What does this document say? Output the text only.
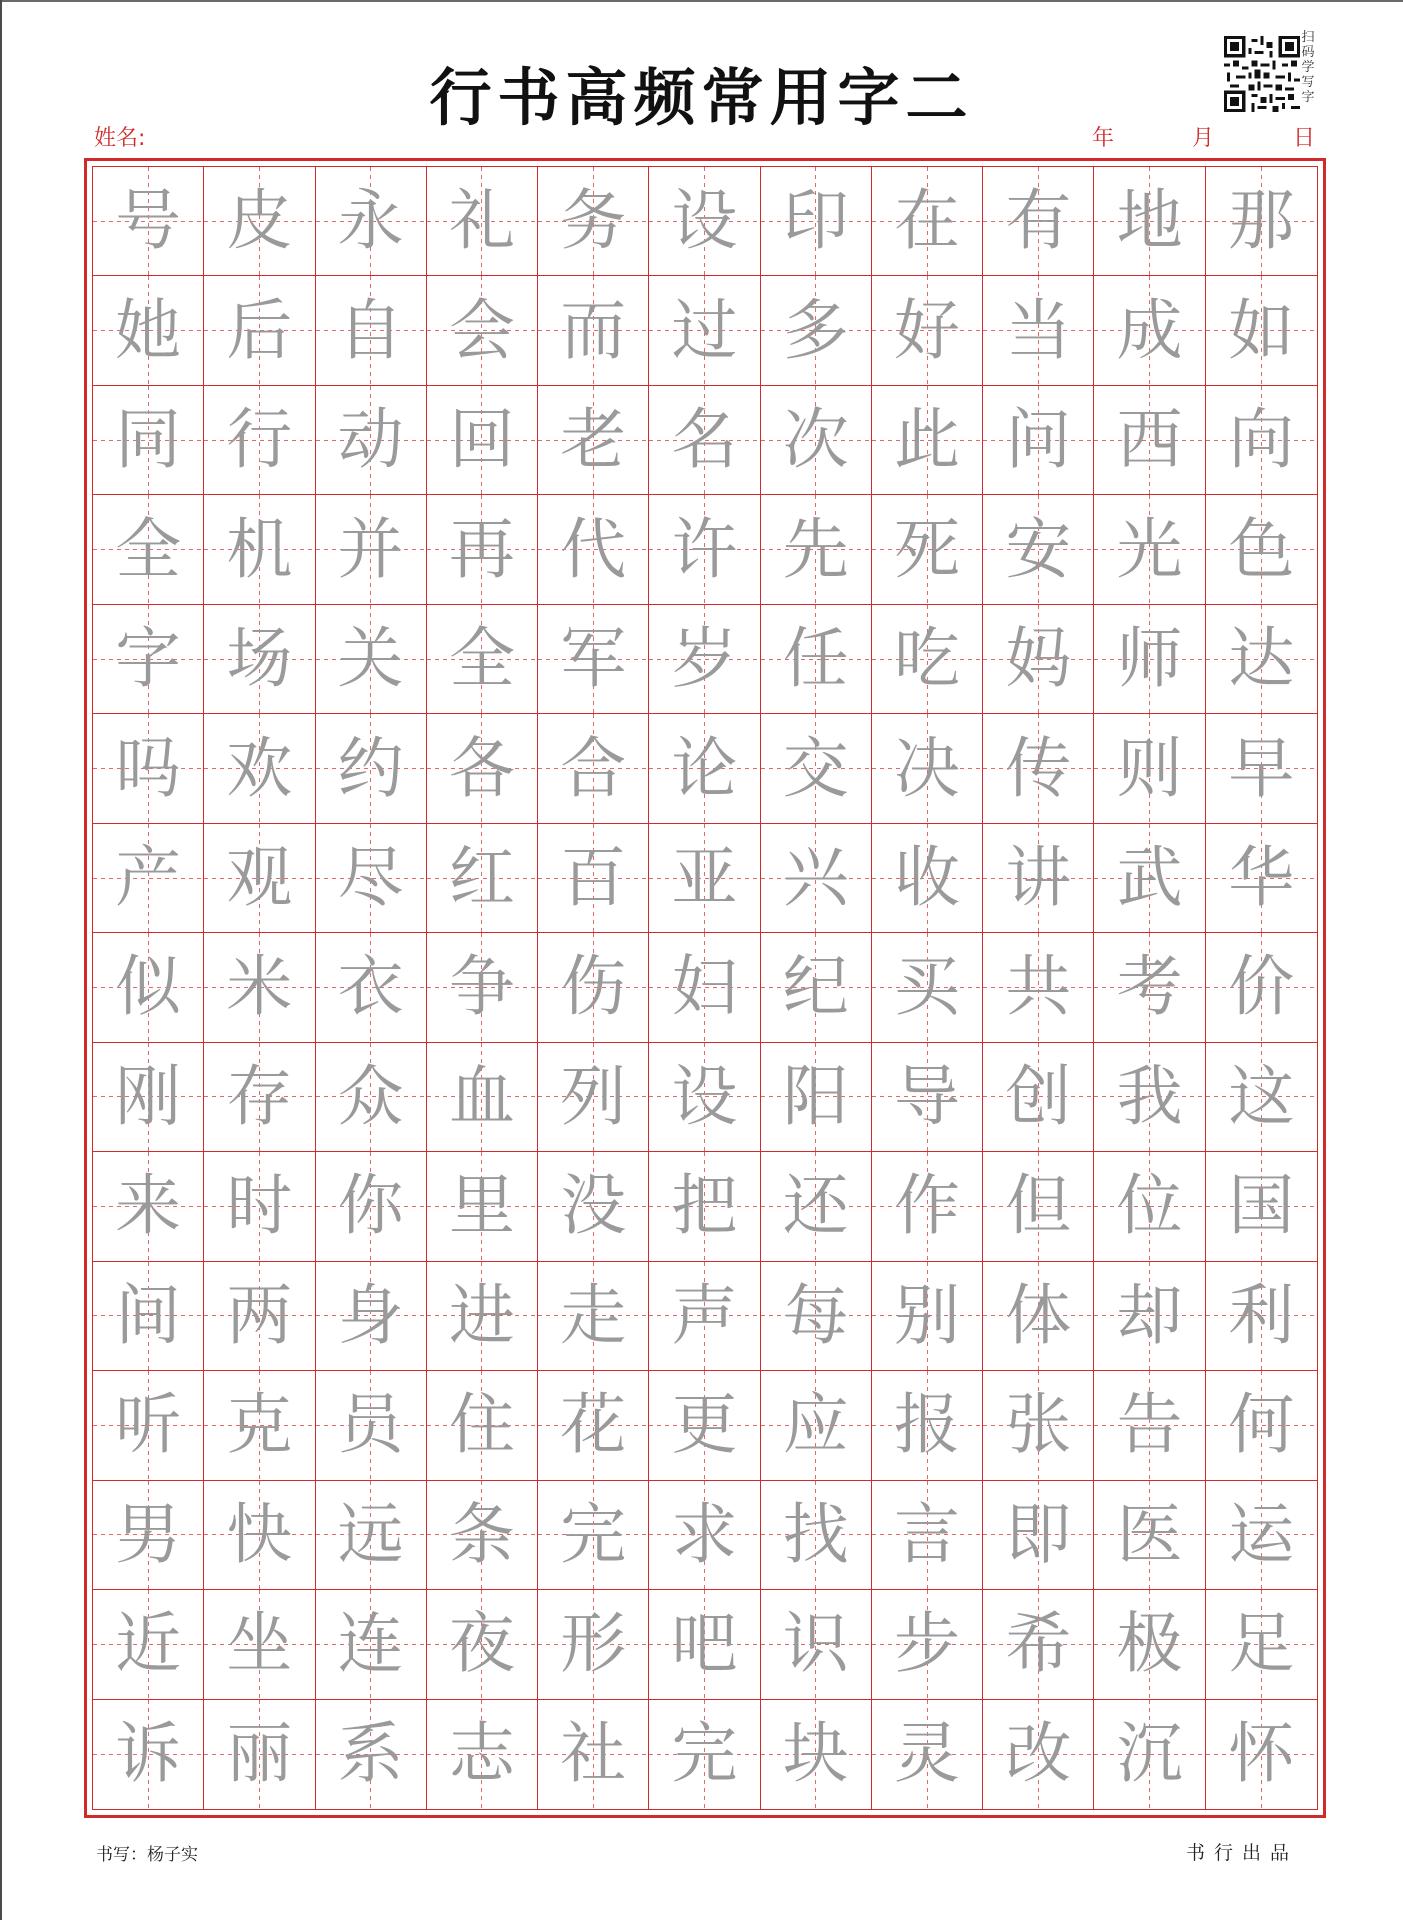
行书高频常用字二
扫码学写字
姓名:	年	月	日
号 皮 永 礼 务 设 印 在 有 地 那
她 后 自 会 而 过 多 好 当 成 如
同 行 动 回 老 名 次 此 问 西 向
全 机 并 再 代 许 先 死 安 光 色
字 场 关 全 军 岁 任 吃 妈 师 达
吗 欢 约 各 合 论 交 决 传 则 早
产 观 尽 红 百 亚 兴 收 讲 武 华
似 米 衣 争 伤 妇 纪 买 共 考 价
刚 存 众 血 列 设 阳 导 创 我 这
来 时 你 里 没 把 还 作 但 位 国
间 两 身 进 走 声 每 别 体 却 利
听 克 员 住 花 更 应 报 张 告 何
男 快 远 条 完 求 找 言 即 医 运
近 坐 连 夜 形 吧 识 步 希 极 足
诉 丽 系 志 社 完 块 灵 改 沉 怀
书写：杨子实	书行出品
